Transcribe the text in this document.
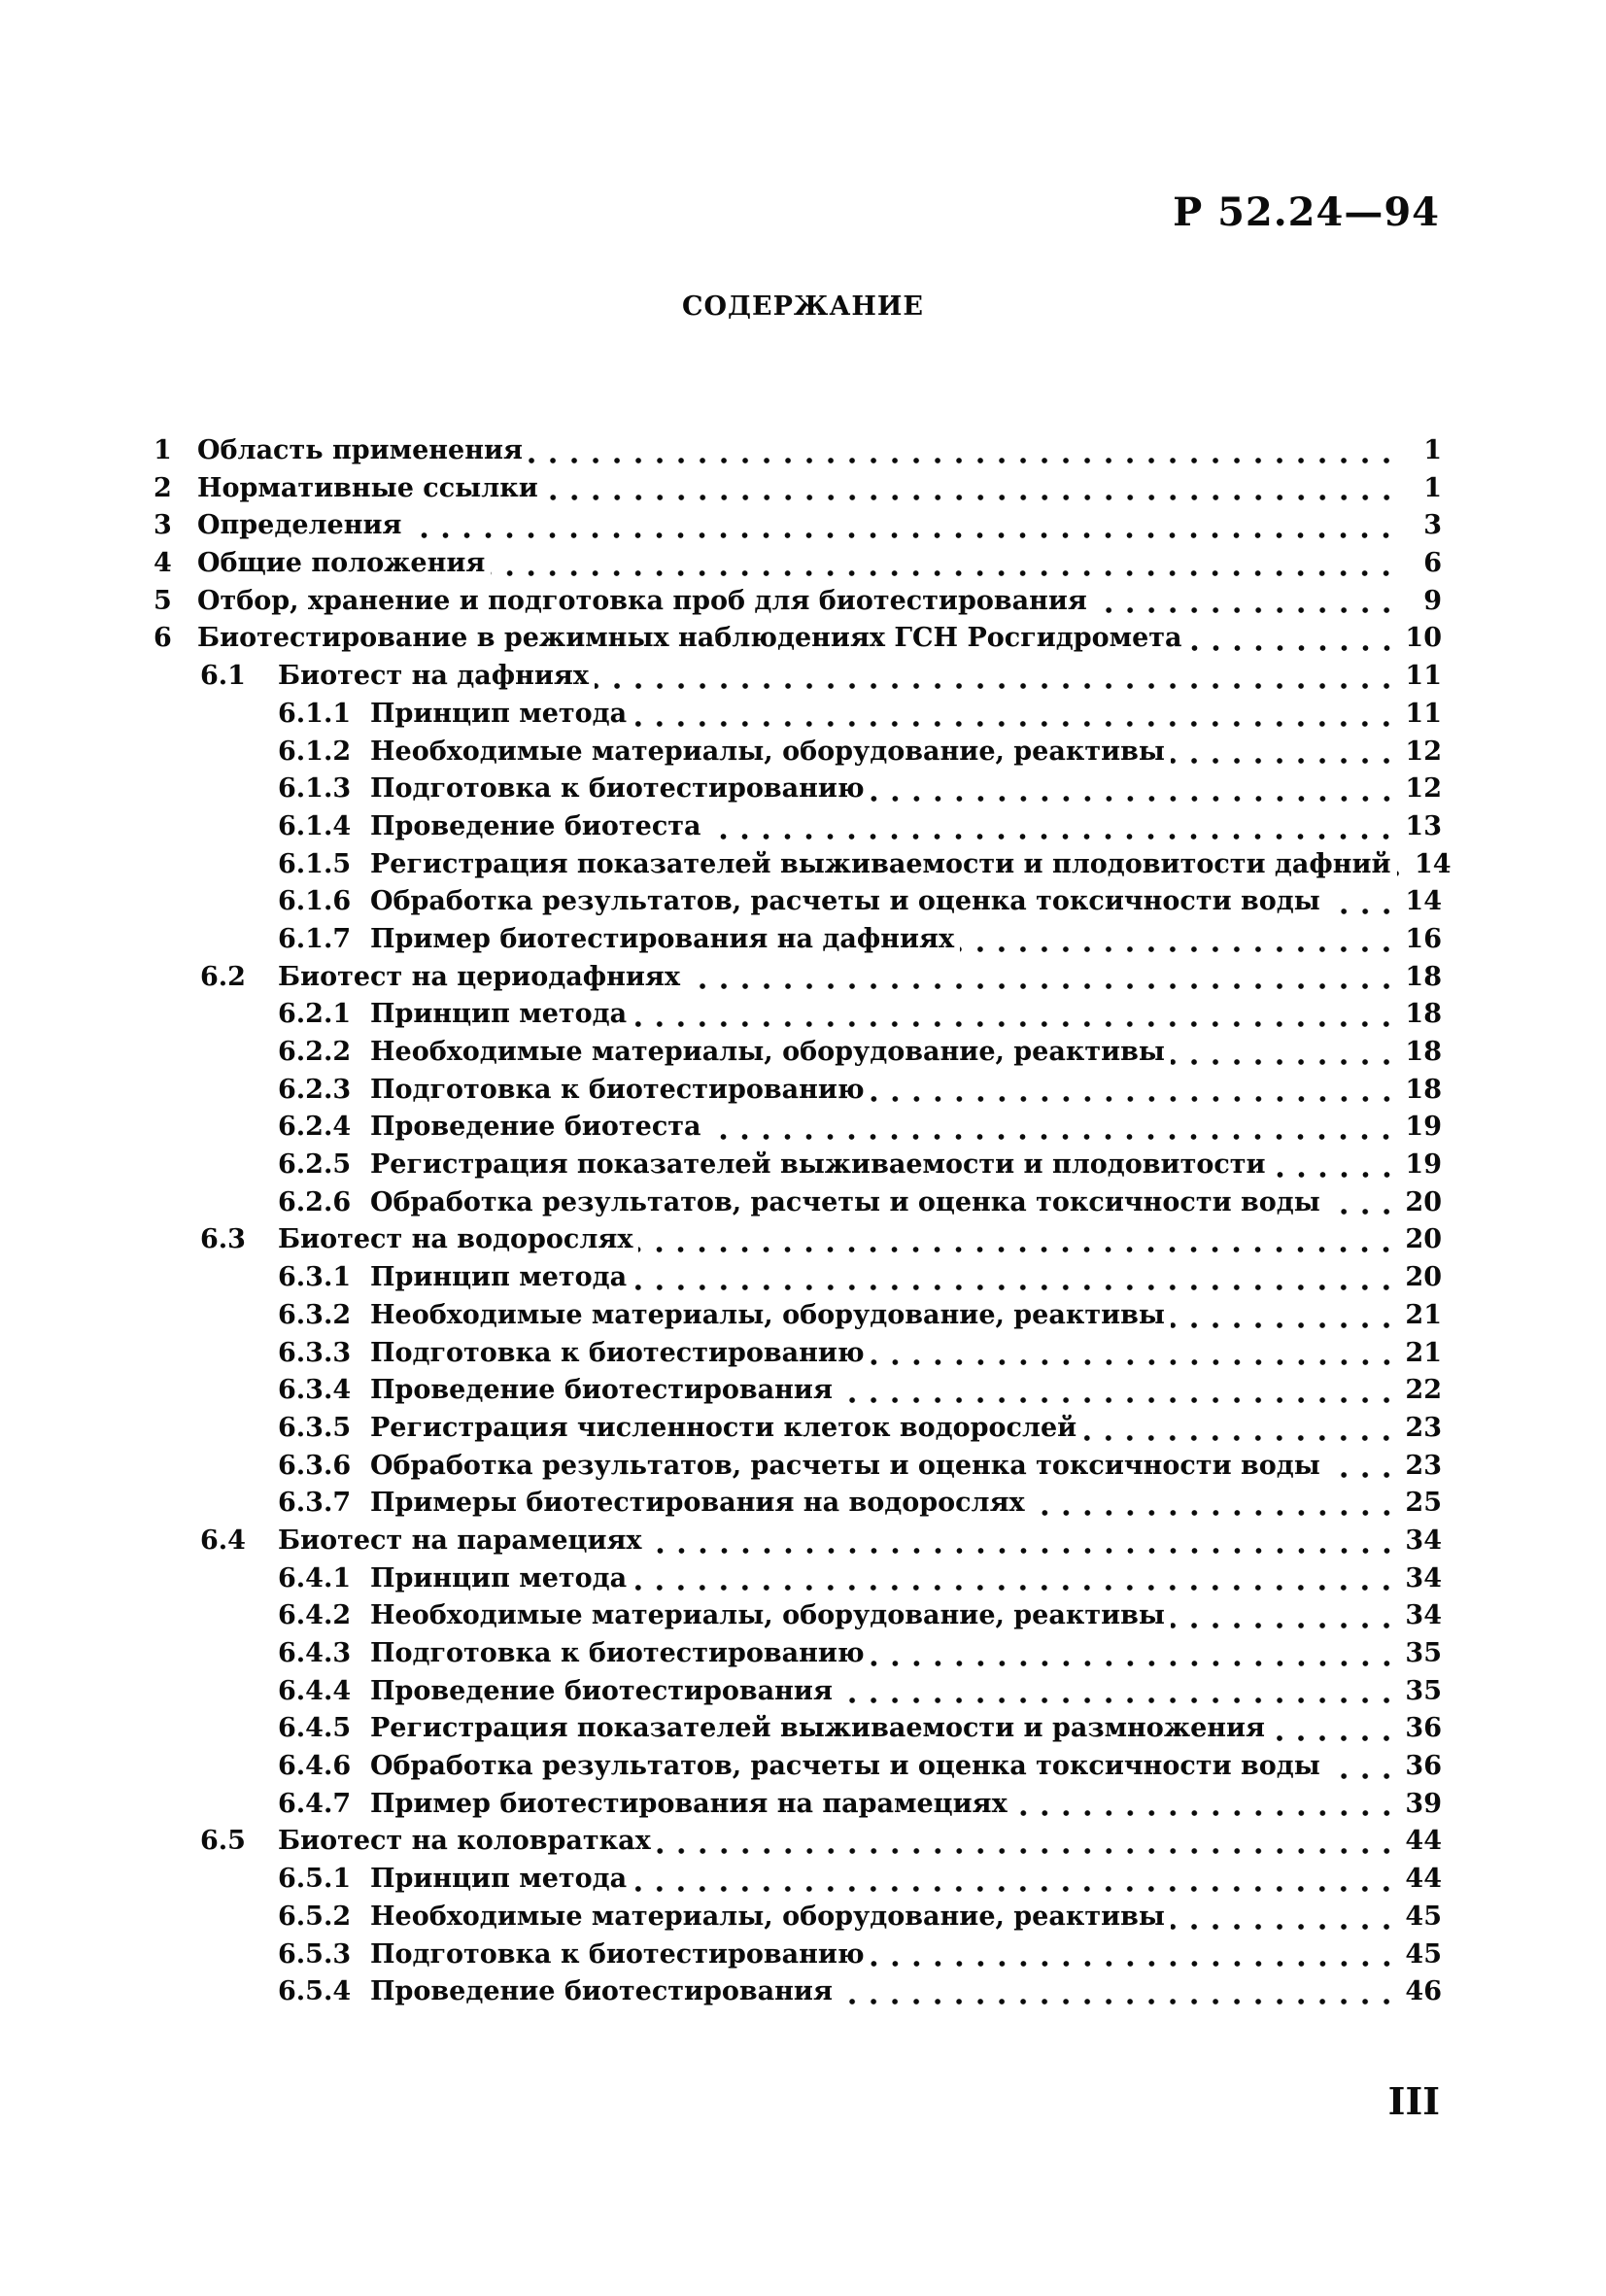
Р 52.24—94
СОДЕРЖАНИЕ
1 Область применения	1
2 Нормативные ссылки	1
3 Определения	3
4 Общие положения	6
5 Отбор, хранение и подготовка проб для биотестирования	9
6 Биотестирование в режимных наблюдениях ГСН Росгидромета	10
6.1	Биотест на дафниях	11
6.1.1 Принцип метода	11
6.1.2 Необходимые материалы, оборудование, реактивы	12
6.1.3 Подготовка к биотестированию	12
6.1.4 Проведение биотеста	13
6.1.5 Регистрация показателей выживаемости и плодовитости дафний 14
6.1.6 Обработка результатов, расчеты и оценка токсичности воды	14
6.1.7 Пример биотестирования на дафниях	16
6.2	Биотест на цериодафниях	18
6.2.1 Принцип метода	18
6.2.2 Необходимые материалы, оборудование, реактивы	18
6.2.3 Подготовка к биотестированию	18
6.2.4 Проведение биотеста	19
6.2.5 Регистрация показателей выживаемости и плодовитости	19
6.2.6 Обработка результатов, расчеты и оценка токсичности воды	20
6.3	Биотест на водорослях	20
6.3.1 Принцип метода	20
6.3.2 Необходимые материалы, оборудование, реактивы	21
6.3.3 Подготовка к биотестированию	21
6.3.4 Проведение биотестирования	22
6.3.5 Регистрация численности клеток водорослей	23
6.3.6 Обработка результатов, расчеты и оценка токсичности воды	23
6.3.7 Примеры биотестирования на водорослях	25
6.4	Биотест на парамециях	34
6.4.1 Принцип метода	34
6.4.2 Необходимые материалы, оборудование, реактивы	34
6.4.3 Подготовка к биотестированию	35
6.4.4 Проведение биотестирования	35
6.4.5 Регистрация показателей выживаемости и размножения	36
6.4.6 Обработка результатов, расчеты и оценка токсичности воды	36
6.4.7 Пример биотестирования на парамециях	39
6.5	Биотест на коловратках	44
6.5.1 Принцип метода	44
6.5.2 Необходимые материалы, оборудование, реактивы	45
6.5.3 Подготовка к биотестированию	45
6.5.4 Проведение биотестирования	46
III
